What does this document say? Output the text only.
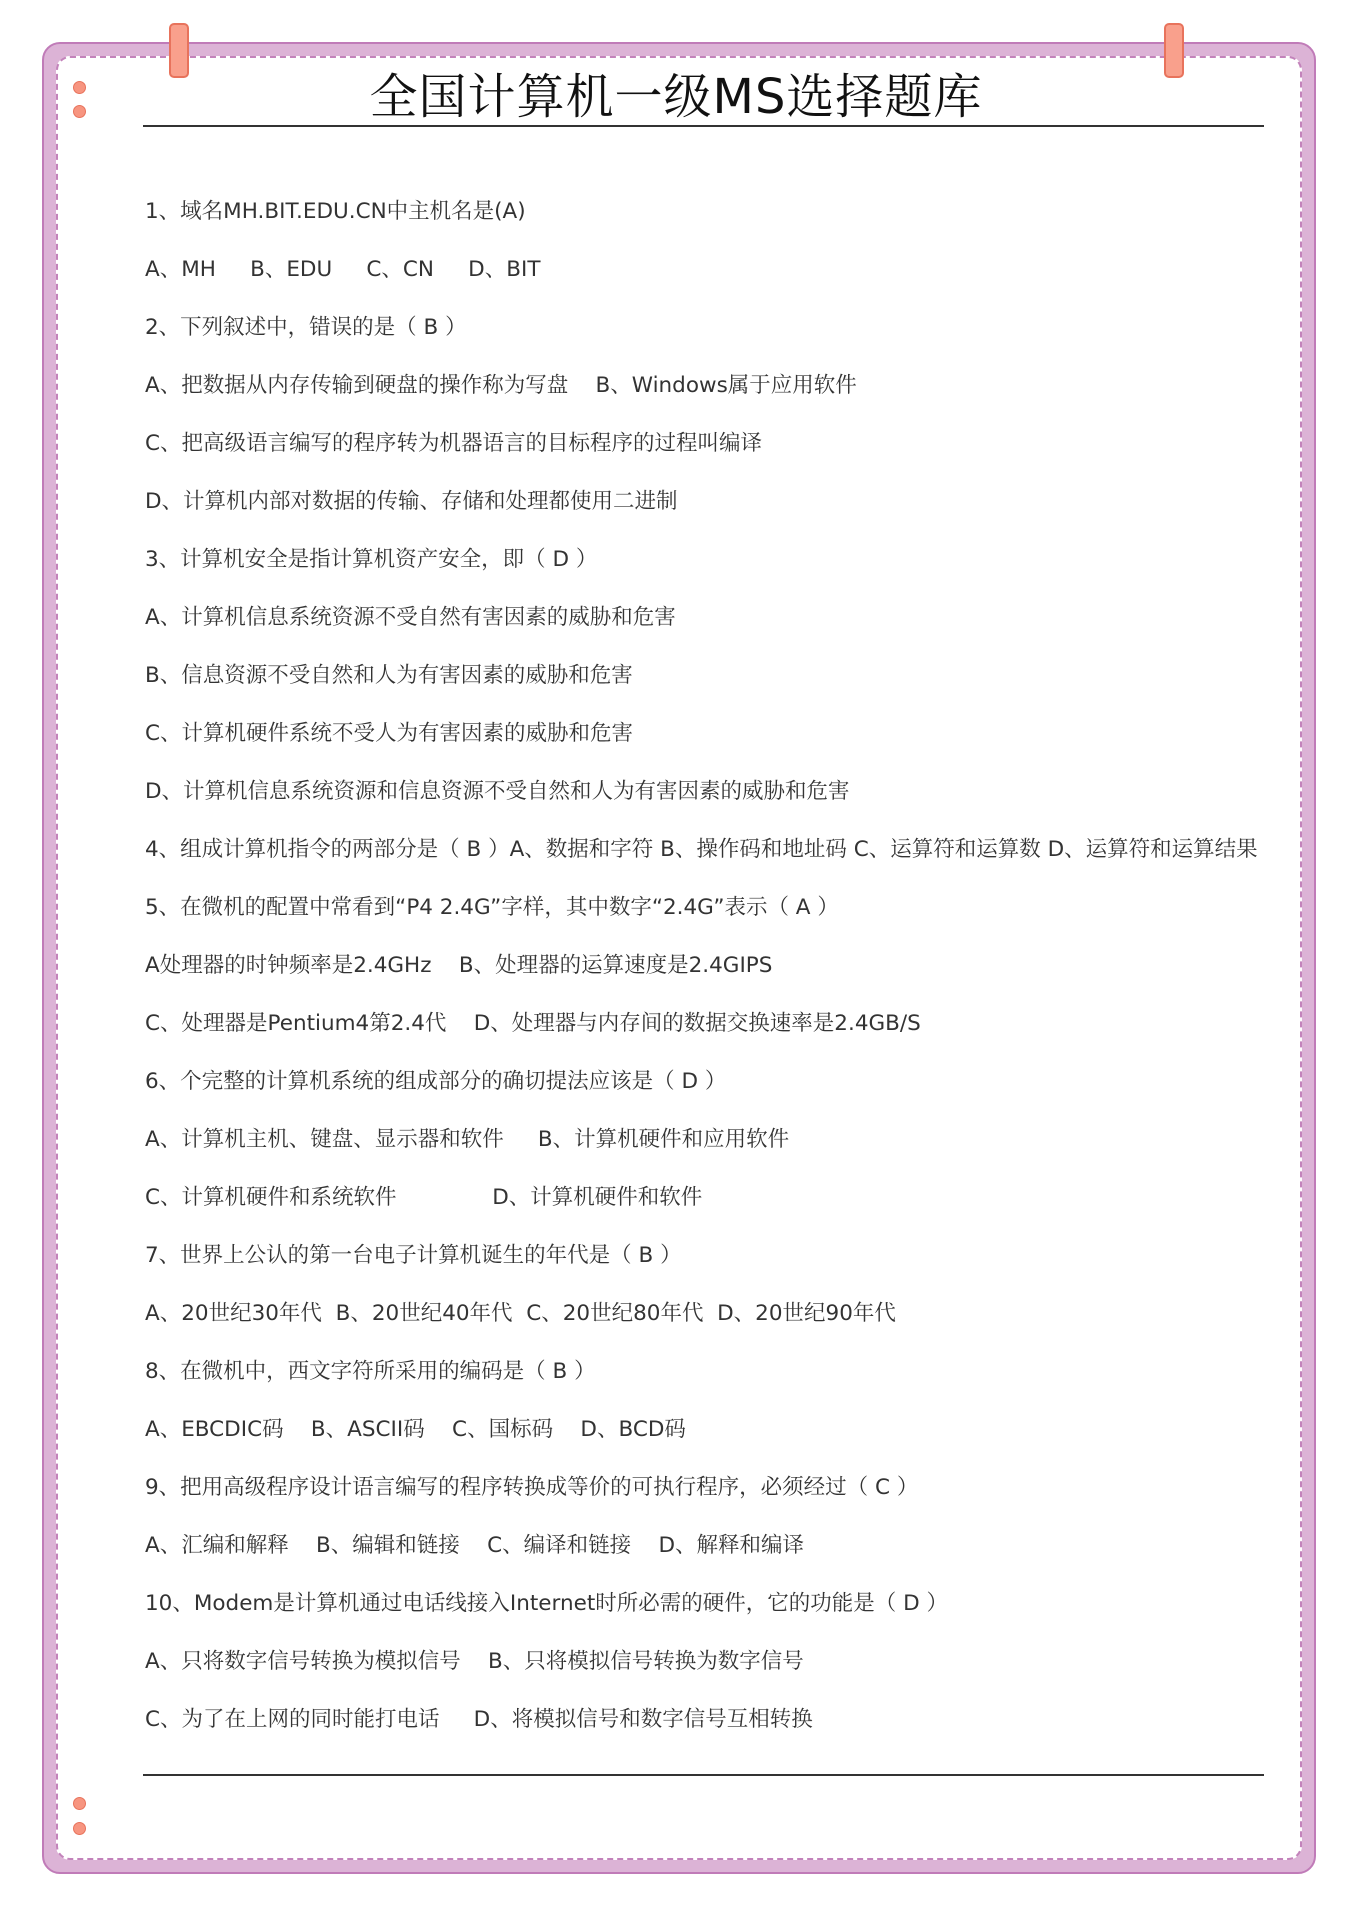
全国计算机一级MS选择题库
1、域名MH.BIT.EDU.CN中主机名是(A)
A、MH     B、EDU     C、CN     D、BIT
2、下列叙述中，错误的是（ B ）
A、把数据从内存传输到硬盘的操作称为写盘    B、Windows属于应用软件
C、把高级语言编写的程序转为机器语言的目标程序的过程叫编译
D、计算机内部对数据的传输、存储和处理都使用二进制
3、计算机安全是指计算机资产安全，即（ D ）
A、计算机信息系统资源不受自然有害因素的威胁和危害
B、信息资源不受自然和人为有害因素的威胁和危害
C、计算机硬件系统不受人为有害因素的威胁和危害
D、计算机信息系统资源和信息资源不受自然和人为有害因素的威胁和危害
4、组成计算机指令的两部分是（ B ）A、数据和字符 B、操作码和地址码 C、运算符和运算数 D、运算符和运算结果
5、在微机的配置中常看到“P4 2.4G”字样，其中数字“2.4G”表示（ A ）
A处理器的时钟频率是2.4GHz    B、处理器的运算速度是2.4GIPS
C、处理器是Pentium4第2.4代    D、处理器与内存间的数据交换速率是2.4GB/S
6、个完整的计算机系统的组成部分的确切提法应该是（ D ）
A、计算机主机、键盘、显示器和软件     B、计算机硬件和应用软件
C、计算机硬件和系统软件              D、计算机硬件和软件
7、世界上公认的第一台电子计算机诞生的年代是（ B ）
A、20世纪30年代  B、20世纪40年代  C、20世纪80年代  D、20世纪90年代
8、在微机中，西文字符所采用的编码是（ B ）
A、EBCDIC码    B、ASCII码    C、国标码    D、BCD码
9、把用高级程序设计语言编写的程序转换成等价的可执行程序，必须经过（ C ）
A、汇编和解释    B、编辑和链接    C、编译和链接    D、解释和编译
10、Modem是计算机通过电话线接入Internet时所必需的硬件，它的功能是（ D ）
A、只将数字信号转换为模拟信号    B、只将模拟信号转换为数字信号
C、为了在上网的同时能打电话     D、将模拟信号和数字信号互相转换
